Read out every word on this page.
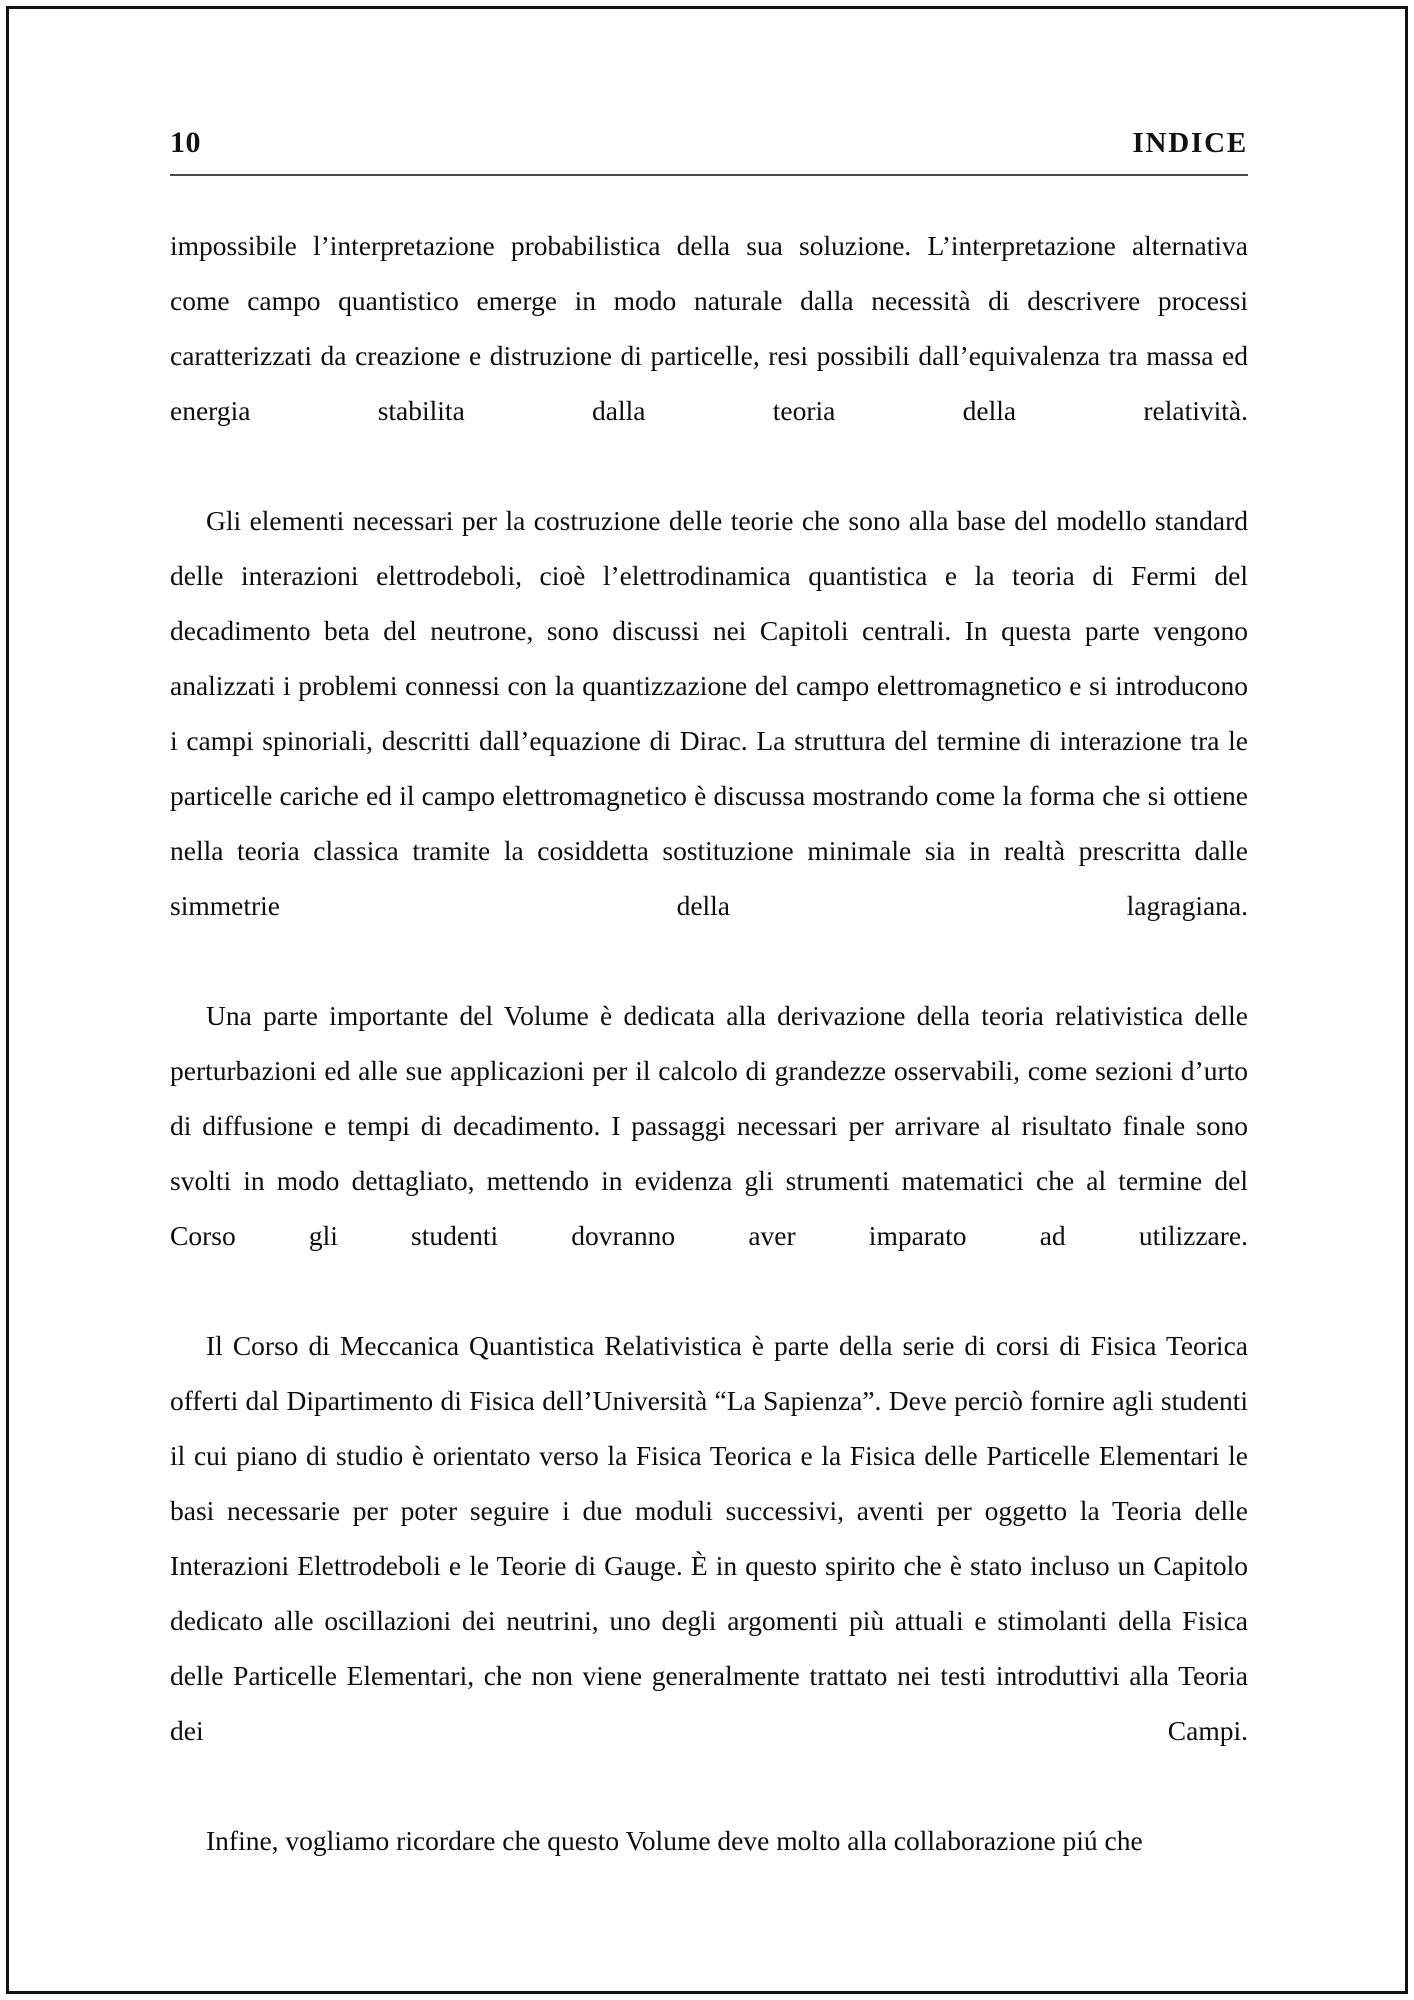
10	INDICE

impossibile l’interpretazione probabilistica della sua soluzione. L’interpretazione alternativa come campo quantistico emerge in modo naturale dalla necessità di descrivere processi caratterizzati da creazione e distruzione di particelle, resi possibili dall’equivalenza tra massa ed energia stabilita dalla teoria della relatività.

Gli elementi necessari per la costruzione delle teorie che sono alla base del modello standard delle interazioni elettrodeboli, cioè l’elettrodinamica quantistica e la teoria di Fermi del decadimento beta del neutrone, sono discussi nei Capitoli centrali. In questa parte vengono analizzati i problemi connessi con la quantizzazione del campo elettromagnetico e si introducono i campi spinoriali, descritti dall’equazione di Dirac. La struttura del termine di interazione tra le particelle cariche ed il campo elettromagnetico è discussa mostrando come la forma che si ottiene nella teoria classica tramite la cosiddetta sostituzione minimale sia in realtà prescritta dalle simmetrie della lagragiana.

Una parte importante del Volume è dedicata alla derivazione della teoria relativistica delle perturbazioni ed alle sue applicazioni per il calcolo di grandezze osservabili, come sezioni d’urto di diffusione e tempi di decadimento. I passaggi necessari per arrivare al risultato finale sono svolti in modo dettagliato, mettendo in evidenza gli strumenti matematici che al termine del Corso gli studenti dovranno aver imparato ad utilizzare.

Il Corso di Meccanica Quantistica Relativistica è parte della serie di corsi di Fisica Teorica offerti dal Dipartimento di Fisica dell’Università “La Sapienza”. Deve perciò fornire agli studenti il cui piano di studio è orientato verso la Fisica Teorica e la Fisica delle Particelle Elementari le basi necessarie per poter seguire i due moduli successivi, aventi per oggetto la Teoria delle Interazioni Elettrodeboli e le Teorie di Gauge. È in questo spirito che è stato incluso un Capitolo dedicato alle oscillazioni dei neutrini, uno degli argomenti più attuali e stimolanti della Fisica delle Particelle Elementari, che non viene generalmente trattato nei testi introduttivi alla Teoria dei Campi.

Infine, vogliamo ricordare che questo Volume deve molto alla collaborazione piú che
